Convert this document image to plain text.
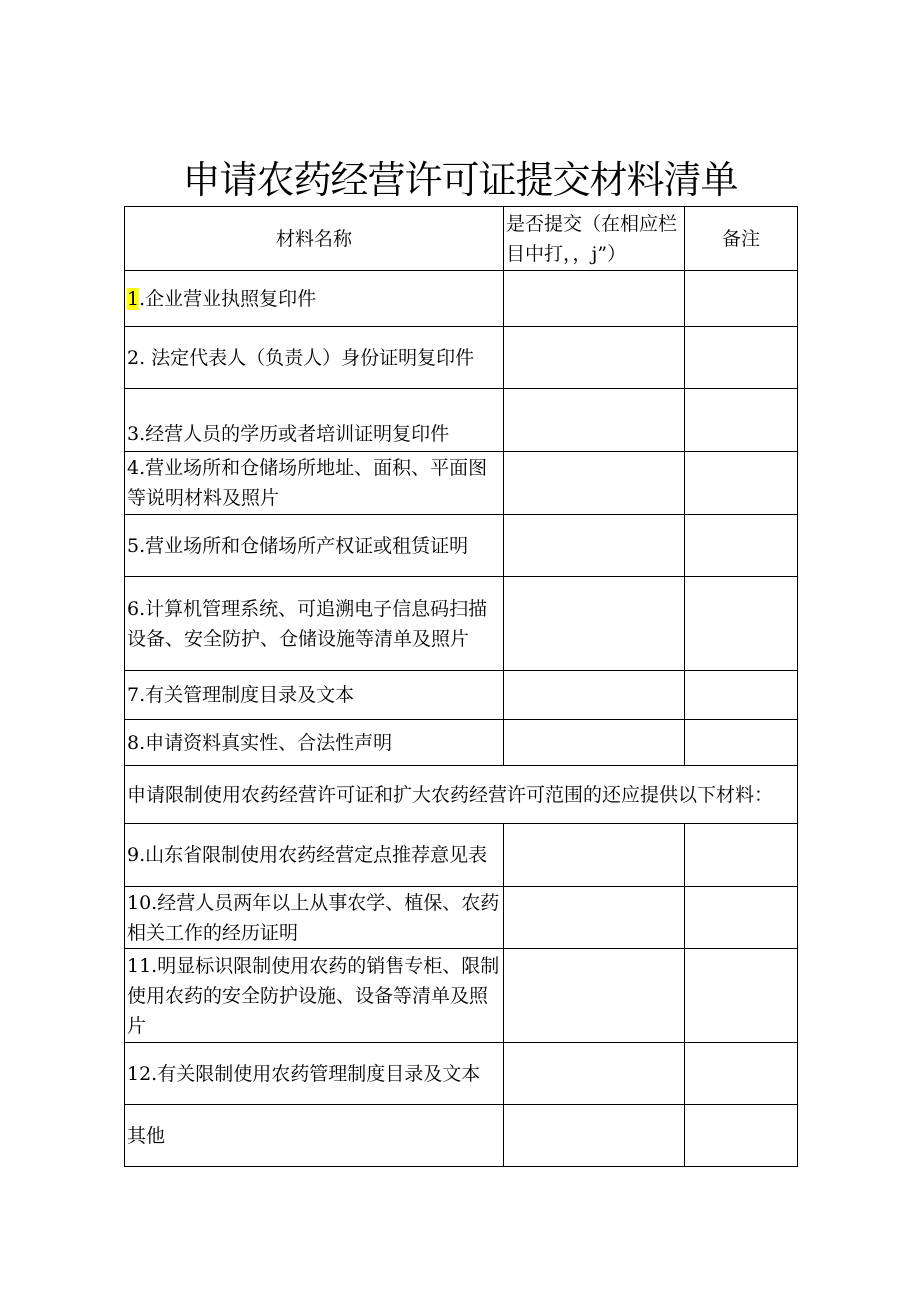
申请农药经营许可证提交材料清单
材料名称	是否提交（在相应栏目中打，，j”）	备注
1.企业营业执照复印件		
2. 法定代表人（负责人）身份证明复印件		
3.经营人员的学历或者培训证明复印件		
4.营业场所和仓储场所地址、面积、平面图等说明材料及照片		
5.营业场所和仓储场所产权证或租赁证明		
6.计算机管理系统、可追溯电子信息码扫描设备、安全防护、仓储设施等清单及照片		
7.有关管理制度目录及文本		
8.申请资料真实性、合法性声明		
申请限制使用农药经营许可证和扩大农药经营许可范围的还应提供以下材料：		
9.山东省限制使用农药经营定点推荐意见表		
10.经营人员两年以上从事农学、植保、农药相关工作的经历证明		
11.明显标识限制使用农药的销售专柜、限制使用农药的安全防护设施、设备等清单及照片		
12.有关限制使用农药管理制度目录及文本		
其他		
